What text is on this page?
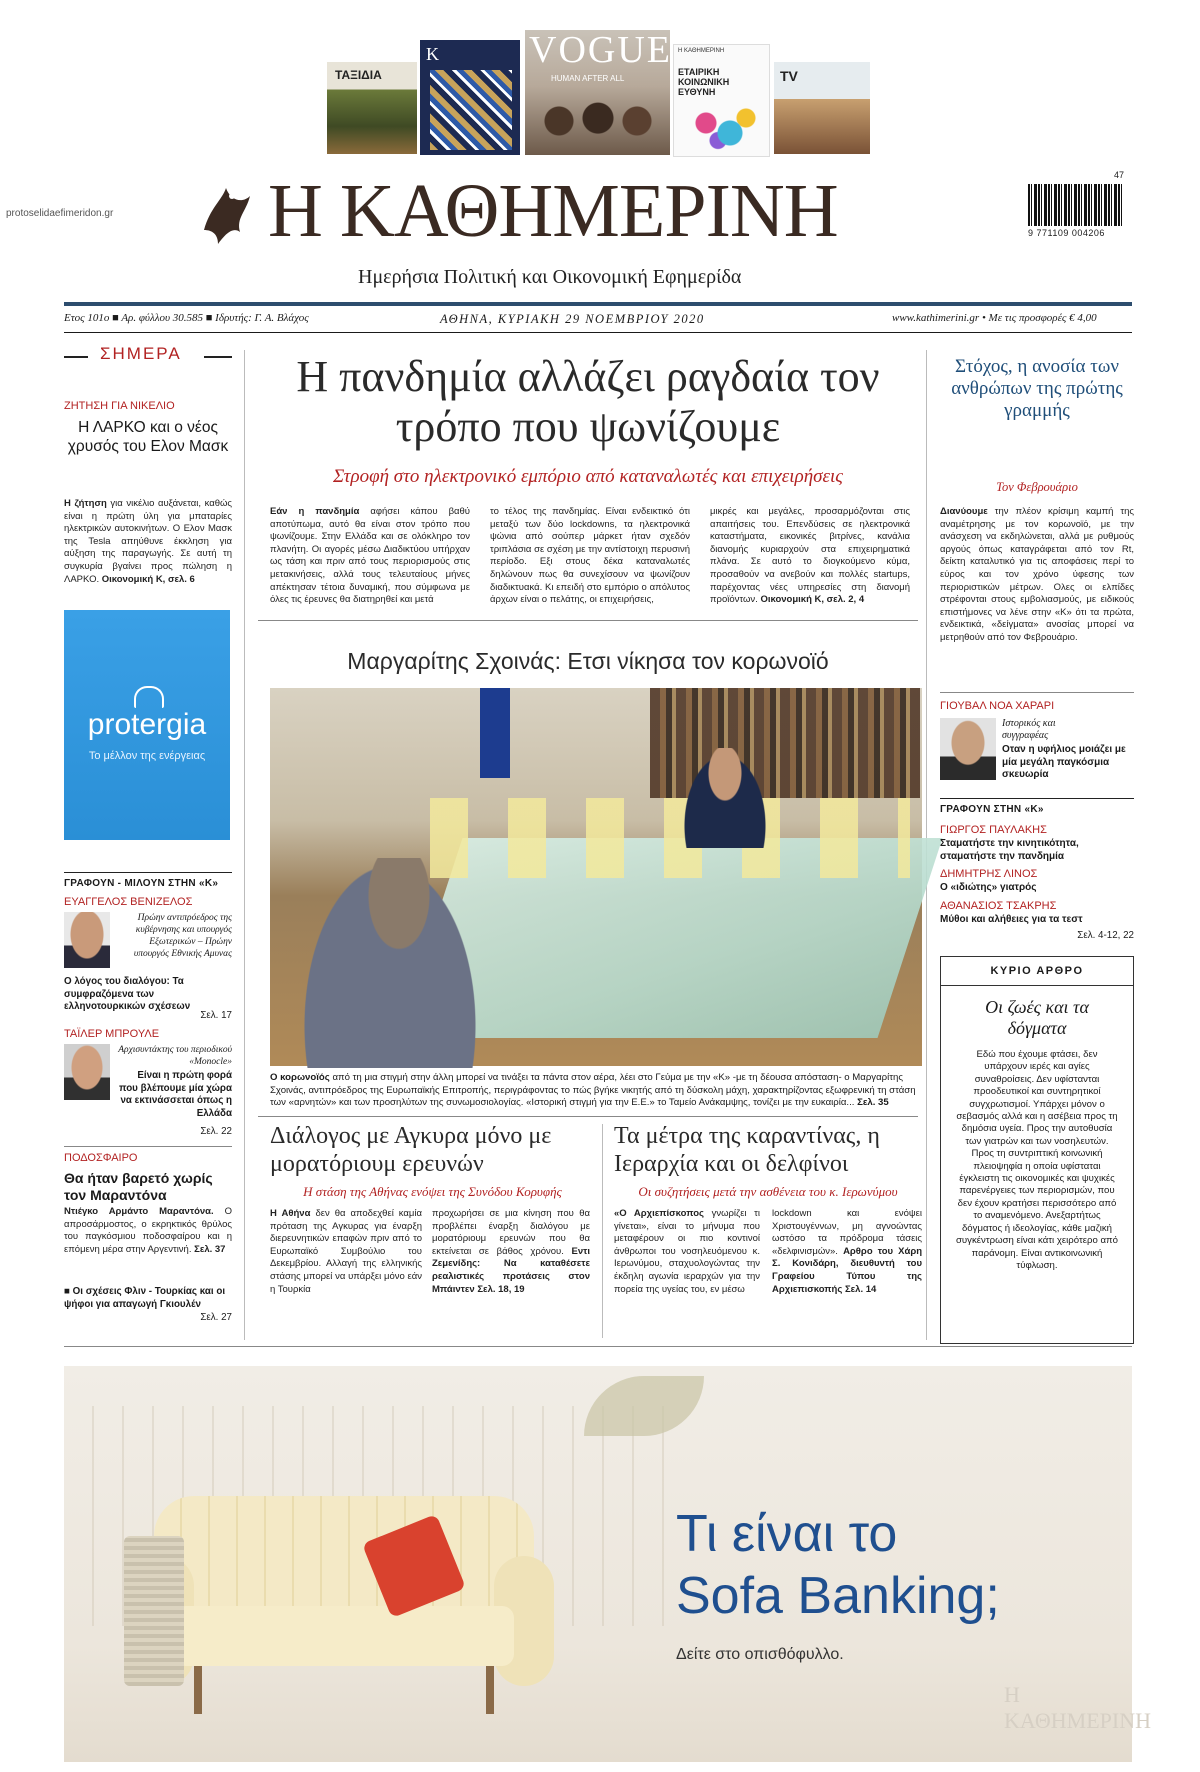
protoselidaefimeridon.gr
ΤΑΞΙΔΙΑ
K VOGUE
HUMAN AFTER ALL
Η ΚΑΘΗΜΕΡΙΝΗ
ΕΤΑΙΡΙΚΗ ΚΟΙΝΩΝΙΚΗ ΕΥΘΥΝΗ
TV
Η ΚΑΘΗΜΕΡΙΝΗ
Ημερήσια Πολιτική και Οικονομική Εφημερίδα
47
9 771109 004206
Ετος 101ο ■ Αρ. φύλλου 30.585 ■ Ιδρυτής: Γ. Α. Βλάχος	ΑΘΗΝΑ, ΚΥΡΙΑΚΗ 29 ΝΟΕΜΒΡΙΟΥ 2020	www.kathimerini.gr • Με τις προσφορές € 4,00
ΣΗΜΕΡΑ
ΖΗΤΗΣΗ ΓΙΑ ΝΙΚΕΛΙΟ
Η ΛΑΡΚΟ και ο νέος χρυσός του Ελον Μασκ
Η ζήτηση για νικέλιο αυξάνεται, καθώς είναι η πρώτη ύλη για μπαταρίες ηλεκτρικών αυτοκινήτων. Ο Ελον Μασκ της Tesla απηύθυνε έκκληση για αύξηση της παραγωγής. Σε αυτή τη συγκυρία βγαίνει προς πώληση η ΛΑΡΚΟ. Οικονομική Κ, σελ. 6
protergia
Το μέλλον της ενέργειας
ΓΡΑΦΟΥΝ - ΜΙΛΟΥΝ ΣΤΗΝ «Κ»
ΕΥΑΓΓΕΛΟΣ ΒΕΝΙΖΕΛΟΣ
Πρώην αντιπρόεδρος της κυβέρνησης και υπουργός Εξωτερικών – Πρώην υπουργός Εθνικής Αμυνας
Ο λόγος του διαλόγου: Τα συμφραζόμενα των ελληνοτουρκικών σχέσεων
Σελ. 17
ΤΑΪΛΕΡ ΜΠΡΟΥΛΕ
Αρχισυντάκτης του περιοδικού «Monocle»
Είναι η πρώτη φορά που βλέπουμε μία χώρα να εκτινάσσεται όπως η Ελλάδα
Σελ. 22
ΠΟΔΟΣΦΑΙΡΟ
Θα ήταν βαρετό χωρίς τον Μαραντόνα
Ντιέγκο Αρμάντο Μαραντόνα. Ο απροσάρμοστος, ο εκρηκτικός θρύλος του παγκόσμιου ποδοσφαίρου και η επόμενη μέρα στην Αργεντινή. Σελ. 37
■ Οι σχέσεις Φλιν - Τουρκίας και οι ψήφοι για απαγωγή Γκιουλέν
Σελ. 27
Η πανδημία αλλάζει ραγδαία τον τρόπο που ψωνίζουμε
Στροφή στο ηλεκτρονικό εμπόριο από καταναλωτές και επιχειρήσεις
Εάν η πανδημία αφήσει κάπου βαθύ αποτύπωμα, αυτό θα είναι στον τρόπο που ψωνίζουμε. Στην Ελλάδα και σε ολόκληρο τον πλανήτη. Οι αγορές μέσω Διαδικτύου υπήρχαν ως τάση και πριν από τους περιορισμούς στις μετακινήσεις, αλλά τους τελευταίους μήνες απέκτησαν τέτοια δυναμική, που σύμφωνα με όλες τις έρευνες θα διατηρηθεί και μετά
το τέλος της πανδημίας. Είναι ενδεικτικό ότι μεταξύ των δύο lockdowns, τα ηλεκτρονικά ψώνια από σούπερ μάρκετ ήταν σχεδόν τριπλάσια σε σχέση με την αντίστοιχη περυσινή περίοδο. Εξι στους δέκα καταναλωτές δηλώνουν πως θα συνεχίσουν να ψωνίζουν διαδικτυακά. Κι επειδή στο εμπόριο ο απόλυτος άρχων είναι ο πελάτης, οι επιχειρήσεις,
μικρές και μεγάλες, προσαρμόζονται στις απαιτήσεις του. Επενδύσεις σε ηλεκτρονικά καταστήματα, εικονικές βιτρίνες, κανάλια διανομής κυριαρχούν στα επιχειρηματικά πλάνα. Σε αυτό το διογκούμενο κύμα, προσαθούν να ανεβούν και πολλές startups, παρέχοντας νέες υπηρεσίες στη διανομή προϊόντων. Οικονομική Κ, σελ. 2, 4
Μαργαρίτης Σχοινάς: Ετσι νίκησα τον κορωνοϊό
Ο κορωνοϊός από τη μια στιγμή στην άλλη μπορεί να τινάξει τα πάντα στον αέρα, λέει στο Γεύμα με την «Κ» -με τη δέουσα απόσταση- ο Μαργαρίτης Σχοινάς, αντιπρόεδρος της Ευρωπαϊκής Επιτροπής, περιγράφοντας το πώς βγήκε νικητής από τη δύσκολη μάχη, χαρακτηρίζοντας εξωφρενική τη στάση των «αρνητών» και των προσηλύτων της συνωμοσιολογίας. «Ιστορική στιγμή για την Ε.Ε.» το Ταμείο Ανάκαμψης, τονίζει με την ευκαιρία... Σελ. 35
Διάλογος με Αγκυρα μόνο με μορατόριουμ ερευνών
Η στάση της Αθήνας ενόψει της Συνόδου Κορυφής
Η Αθήνα δεν θα αποδεχθεί καμία πρόταση της Αγκυρας για έναρξη διερευνητικών επαφών πριν από το Ευρωπαϊκό Συμβούλιο του Δεκεμβρίου. Αλλαγή της ελληνικής στάσης μπορεί να υπάρξει μόνο εάν η Τουρκία
προχωρήσει σε μια κίνηση που θα προβλέπει έναρξη διαλόγου με μορατόριουμ ερευνών που θα εκτείνεται σε βάθος χρόνου. Εντι Ζεμενίδης: Να καταθέσετε ρεαλιστικές προτάσεις στον Μπάιντεν Σελ. 18, 19
Τα μέτρα της καραντίνας, η Ιεραρχία και οι δελφίνοι
Οι συζητήσεις μετά την ασθένεια του κ. Ιερωνύμου
«Ο Αρχιεπίσκοπος γνωρίζει τι γίνεται», είναι το μήνυμα που μεταφέρουν οι πιο κοντινοί άνθρωποι του νοσηλευόμενου κ. Ιερωνύμου, σταχυολογώντας την έκδηλη αγωνία ιεραρχών για την πορεία της υγείας του, εν μέσω
lockdown και ενόψει Χριστουγέννων, μη αγνοώντας ωστόσο τα πρόδρομα τάσεις «δελφινισμών». Αρθρο του Χάρη Σ. Κονιδάρη, διευθυντή του Γραφείου Τύπου της Αρχιεπισκοπής Σελ. 14
Στόχος, η ανοσία των ανθρώπων της πρώτης γραμμής
Τον Φεβρουάριο
Διανύουμε την πλέον κρίσιμη καμπή της αναμέτρησης με τον κορωνοϊό, με την ανάσχεση να εκδηλώνεται, αλλά με ρυθμούς αργούς όπως καταγράφεται από τον Rt, δείκτη καταλυτικό για τις αποφάσεις περί το εύρος και τον χρόνο ύφεσης των περιοριστικών μέτρων. Ολες οι ελπίδες στρέφονται στους εμβολιασμούς, με ειδικούς επιστήμονες να λένε στην «Κ» ότι τα πρώτα, ενδεικτικά, «δείγματα» ανοσίας μπορεί να μετρηθούν από τον Φεβρουάριο.
ΓΙΟΥΒΑΛ ΝΟΑ ΧΑΡΑΡΙ
Ιστορικός και συγγραφέας
Οταν η υφήλιος μοιάζει με μία μεγάλη παγκόσμια σκευωρία
ΓΡΑΦΟΥΝ ΣΤΗΝ «Κ»
ΓΙΩΡΓΟΣ ΠΑΥΛΑΚΗΣ
Σταματήστε την κινητικότητα, σταματήστε την πανδημία
ΔΗΜΗΤΡΗΣ ΛΙΝΟΣ
Ο «ιδιώτης» γιατρός
ΑΘΑΝΑΣΙΟΣ ΤΣΑΚΡΗΣ
Μύθοι και αλήθειες για τα τεστ
Σελ. 4-12, 22
ΚΥΡΙΟ ΑΡΘΡΟ
Οι ζωές και τα δόγματα
Εδώ που έχουμε φτάσει, δεν υπάρχουν ιερές και αγίες συναθροίσεις. Δεν υφίστανται προοδευτικοί και συντηρητικοί συγχρωτισμοί. Υπάρχει μόνον ο σεβασμός αλλά και η ασέβεια προς τη δημόσια υγεία. Προς την αυτοθυσία των γιατρών και των νοσηλευτών. Προς τη συντριπτική κοινωνική πλειοψηφία η οποία υφίσταται έγκλειστη τις οικονομικές και ψυχικές παρενέργειες των περιορισμών, που δεν έχουν κρατήσει περισσότερο από το αναμενόμενο. Ανεξαρτήτως δόγματος ή ιδεολογίας, κάθε μαζική συγκέντρωση είναι κάτι χειρότερο από παράνομη. Είναι αντικοινωνική τύφλωση.
Τι είναι το
Sofa Banking;
Δείτε στο οπισθόφυλλο.
Η ΚΑΘΗΜΕΡΙΝΗ
